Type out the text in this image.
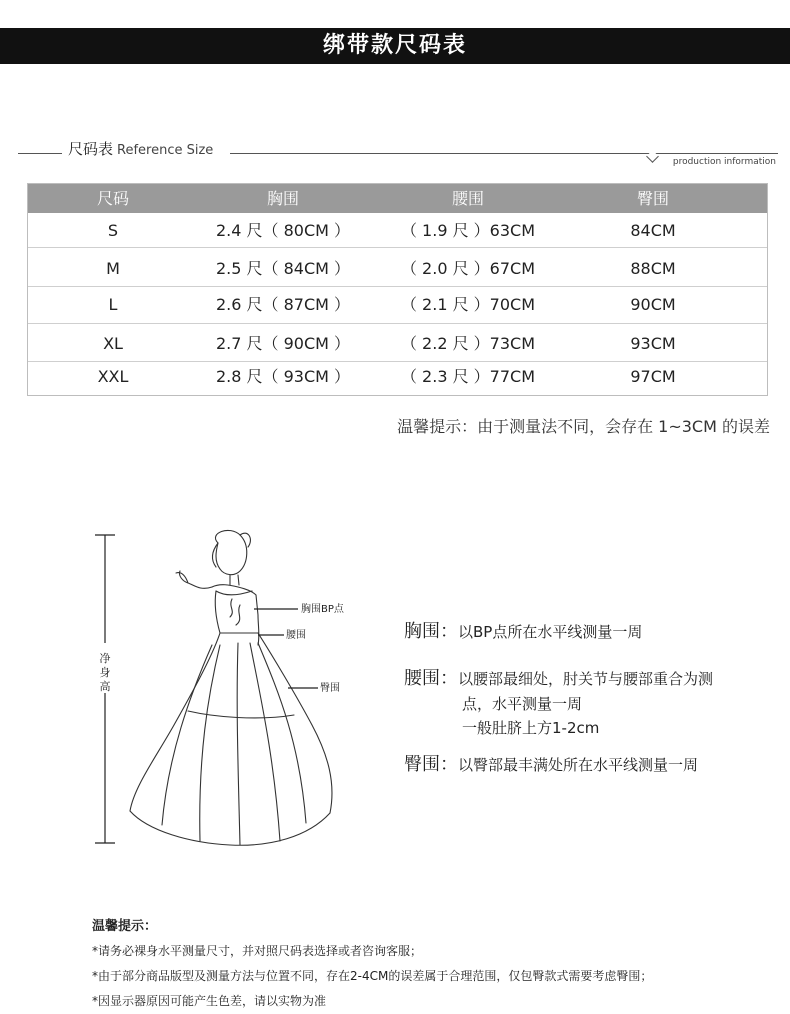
绑带款尺码表
尺码表 Reference Size
production information
尺码	胸围	腰围	臀围
S	2.4 尺（ 80CM ）	（ 1.9 尺 ）63CM	84CM
M	2.5 尺（ 84CM ）	（ 2.0 尺 ）67CM	88CM
L	2.6 尺（ 87CM ）	（ 2.1 尺 ）70CM	90CM
XL	2.7 尺（ 90CM ）	（ 2.2 尺 ）73CM	93CM
XXL	2.8 尺（ 93CM ）	（ 2.3 尺 ）77CM	97CM
温馨提示：由于测量法不同，会存在 1~3CM 的误差
净
身
高
胸围BP点
腰围
臀围
胸围：以BP点所在水平线测量一周
腰围：以腰部最细处，肘关节与腰部重合为测
点，水平测量一周
一般肚脐上方1-2cm
臀围：以臀部最丰满处所在水平线测量一周
温馨提示：
*请务必裸身水平测量尺寸，并对照尺码表选择或者咨询客服；
*由于部分商品版型及测量方法与位置不同，存在2-4CM的误差属于合理范围，仅包臀款式需要考虑臀围；
*因显示器原因可能产生色差，请以实物为准
